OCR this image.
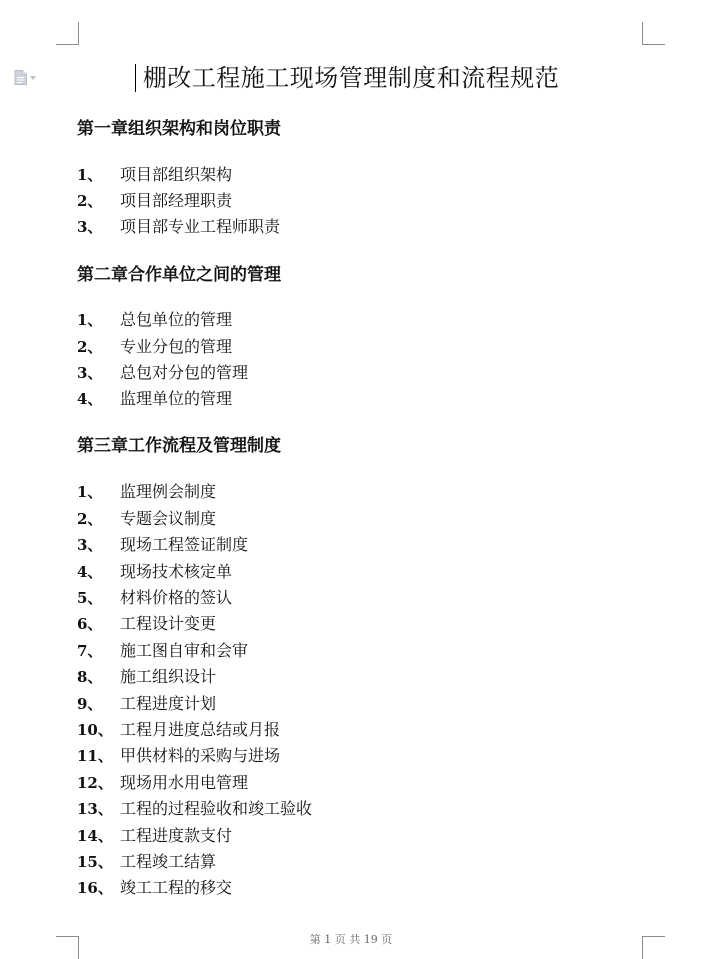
棚改工程施工现场管理制度和流程规范
第一章组织架构和岗位职责
1、 项目部组织架构
2、 项目部经理职责
3、 项目部专业工程师职责
第二章合作单位之间的管理
1、 总包单位的管理
2、 专业分包的管理
3、 总包对分包的管理
4、 监理单位的管理
第三章工作流程及管理制度
1、 监理例会制度
2、 专题会议制度
3、 现场工程签证制度
4、 现场技术核定单
5、 材料价格的签认
6、 工程设计变更
7、 施工图自审和会审
8、 施工组织设计
9、 工程进度计划
10、 工程月进度总结或月报
11、 甲供材料的采购与进场
12、 现场用水用电管理
13、 工程的过程验收和竣工验收
14、 工程进度款支付
15、 工程竣工结算
16、 竣工工程的移交
第 1 页 共 19 页
